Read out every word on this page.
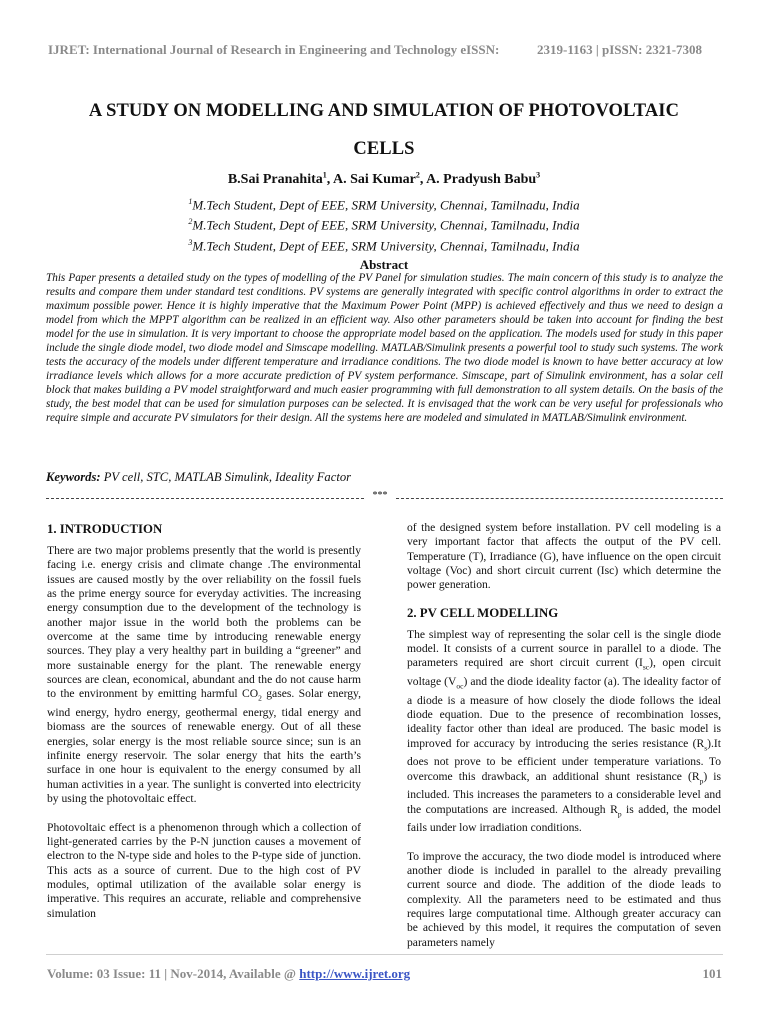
IJRET: International Journal of Research in Engineering and Technology eISSN:	2319-1163 | pISSN: 2321-7308
A STUDY ON MODELLING AND SIMULATION OF PHOTOVOLTAIC
CELLS
B.Sai Pranahita$^1$, A. Sai Kumar$^2$, A. Pradyush Babu$^3$
$^1$M.Tech Student, Dept of EEE, SRM University, Chennai, Tamilnadu, India
$^2$M.Tech Student, Dept of EEE, SRM University, Chennai, Tamilnadu, India
$^3$M.Tech Student, Dept of EEE, SRM University, Chennai, Tamilnadu, India
Abstract
This Paper presents a detailed study on the types of modelling of the PV Panel for simulation studies. The main concern of this study is to analyze the results and compare them under standard test conditions. PV systems are generally integrated with specific control algorithms in order to extract the maximum possible power. Hence it is highly imperative that the Maximum Power Point (MPP) is achieved effectively and thus we need to design a model from which the MPPT algorithm can be realized in an efficient way. Also other parameters should be taken into account for finding the best model for the use in simulation. It is very important to choose the appropriate model based on the application. The models used for study in this paper include the single diode model, two diode model and Simscape modelling. MATLAB/Simulink presents a powerful tool to study such systems. The work tests the accuracy of the models under different temperature and irradiance conditions. The two diode model is known to have better accuracy at low irradiance levels which allows for a more accurate prediction of PV system performance. Simscape, part of Simulink environment, has a solar cell block that makes building a PV model straightforward and much easier programming with full demonstration to all system details. On the basis of the study, the best model that can be used for simulation purposes can be selected. It is envisaged that the work can be very useful for professionals who require simple and accurate PV simulators for their design. All the systems here are modeled and simulated in MATLAB/Simulink environment.
Keywords: PV cell, STC, MATLAB Simulink, Ideality Factor
***
1. INTRODUCTION

There are two major problems presently that the world is presently facing i.e. energy crisis and climate change .The environmental issues are caused mostly by the over reliability on the fossil fuels as the prime energy source for everyday activities. The increasing energy consumption due to the development of the technology is another major issue in the world both the problems can be overcome at the same time by introducing renewable energy sources. They play a very healthy part in building a “greener” and more sustainable energy for the plant. The renewable energy sources are clean, economical, abundant and the do not cause harm to the environment by emitting harmful $CO_2$ gases. Solar energy, wind energy, hydro energy, geothermal energy, tidal energy and biomass are the sources of renewable energy. Out of all these energies, solar energy is the most reliable source since; sun is an infinite energy reservoir. The solar energy that hits the earth’s surface in one hour is equivalent to the energy consumed by all human activities in a year. The sunlight is converted into electricity by using the photovoltaic effect.

Photovoltaic effect is a phenomenon through which a collection of light-generated carries by the P-N junction causes a movement of electron to the N-type side and holes to the P-type side of junction. This acts as a source of current. Due to the high cost of PV modules, optimal utilization of the available solar energy is imperative. This requires an accurate, reliable and comprehensive simulation

of the designed system before installation. PV cell modeling is a very important factor that affects the output of the PV cell. Temperature (T), Irradiance (G), have influence on the open circuit voltage (Voc) and short circuit current (Isc) which determine the power generation.

2. PV CELL MODELLING

The simplest way of representing the solar cell is the single diode model. It consists of a current source in parallel to a diode. The parameters required are short circuit current $(I_{sc})$, open circuit voltage $(V_{oc})$ and the diode ideality factor (a). The ideality factor of a diode is a measure of how closely the diode follows the ideal diode equation. Due to the presence of recombination losses, ideality factor other than ideal are produced. The basic model is improved for accuracy by introducing the series resistance $(R_s).It$ does not prove to be efficient under temperature variations. To overcome this drawback, an additional shunt resistance $(R_p)$ is included. This increases the parameters to a considerable level and the computations are increased. Although $R_p$ is added, the model fails under low irradiation conditions.

To improve the accuracy, the two diode model is introduced where another diode is included in parallel to the already prevailing current source and diode. The addition of the diode leads to complexity. All the parameters need to be estimated and thus requires large computational time. Although greater accuracy can be achieved by this model, it requires the computation of seven parameters namely

Volume: 03 Issue: 11 | Nov-2014, Available @ http://www.ijret.org	101
